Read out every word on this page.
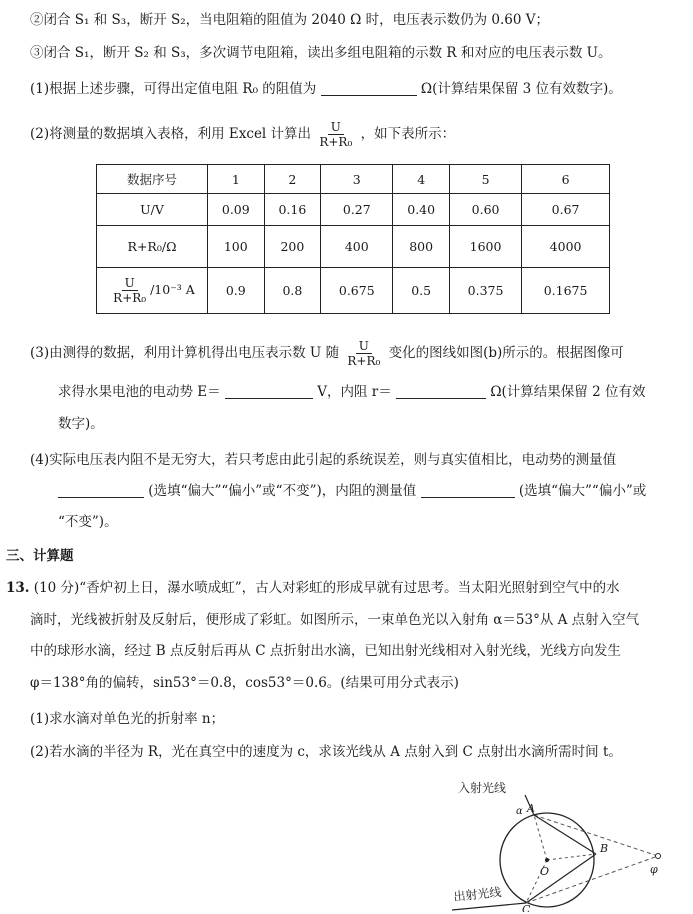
②闭合 S₁ 和 S₃，断开 S₂，当电阻箱的阻值为 2040 Ω 时，电压表示数仍为 0.60 V；
③闭合 S₁，断开 S₂ 和 S₃，多次调节电阻箱，读出多组电阻箱的示数 R 和对应的电压表示数 U。
(1)根据上述步骤，可得出定值电阻 R₀ 的阻值为	Ω(计算结果保留 3 位有效数字)。
(2)将测量的数据填入表格，利用 Excel 计算出 $\frac{U}{\text{R+R₀}}$ ，如下表所示：
数据序号	1	2	3	4	5	6
U/V	0.09	0.16	0.27	0.40	0.60	0.67
R+R₀/Ω	100	200	400	800	1600	4000

$\frac{U}{\text{R+R₀}} /10^{-3}$ A	0.9	0.8	0.675	0.5	0.375	0.1675
(3)由测得的数据，利用计算机得出电压表示数 U 随 $\frac{U}{\text{R+R₀}}$ 变化的图线如图(b)所示的。根据图像可
求得水果电池的电动势 E＝	V，内阻 r＝	Ω(计算结果保留 2 位有效
数字)。
(4)实际电压表内阻不是无穷大，若只考虑由此引起的系统误差，则与真实值相比，电动势的测量值
(选填“偏大”“偏小”或“不变”)，内阻的测量值	(选填“偏大”“偏小”或
“不变”)。
三、计算题
13. (10 分)“香炉初上日，瀑水喷成虹”，古人对彩虹的形成早就有过思考。当太阳光照射到空气中的水
滴时，光线被折射及反射后，便形成了彩虹。如图所示，一束单色光以入射角 α＝53°从 A 点射入空气
中的球形水滴，经过 B 点反射后再从 C 点折射出水滴，已知出射光线相对入射光线，光线方向发生
φ＝138°角的偏转，sin53°＝0.8，cos53°＝0.6。(结果可用分式表示)
(1)求水滴对单色光的折射率 n；
(2)若水滴的半径为 R，光在真空中的速度为 c，求该光线从 A 点射入到 C 点射出水滴所需时间 t。
入射光线
出射光线
A
α
B
C
O	φ
